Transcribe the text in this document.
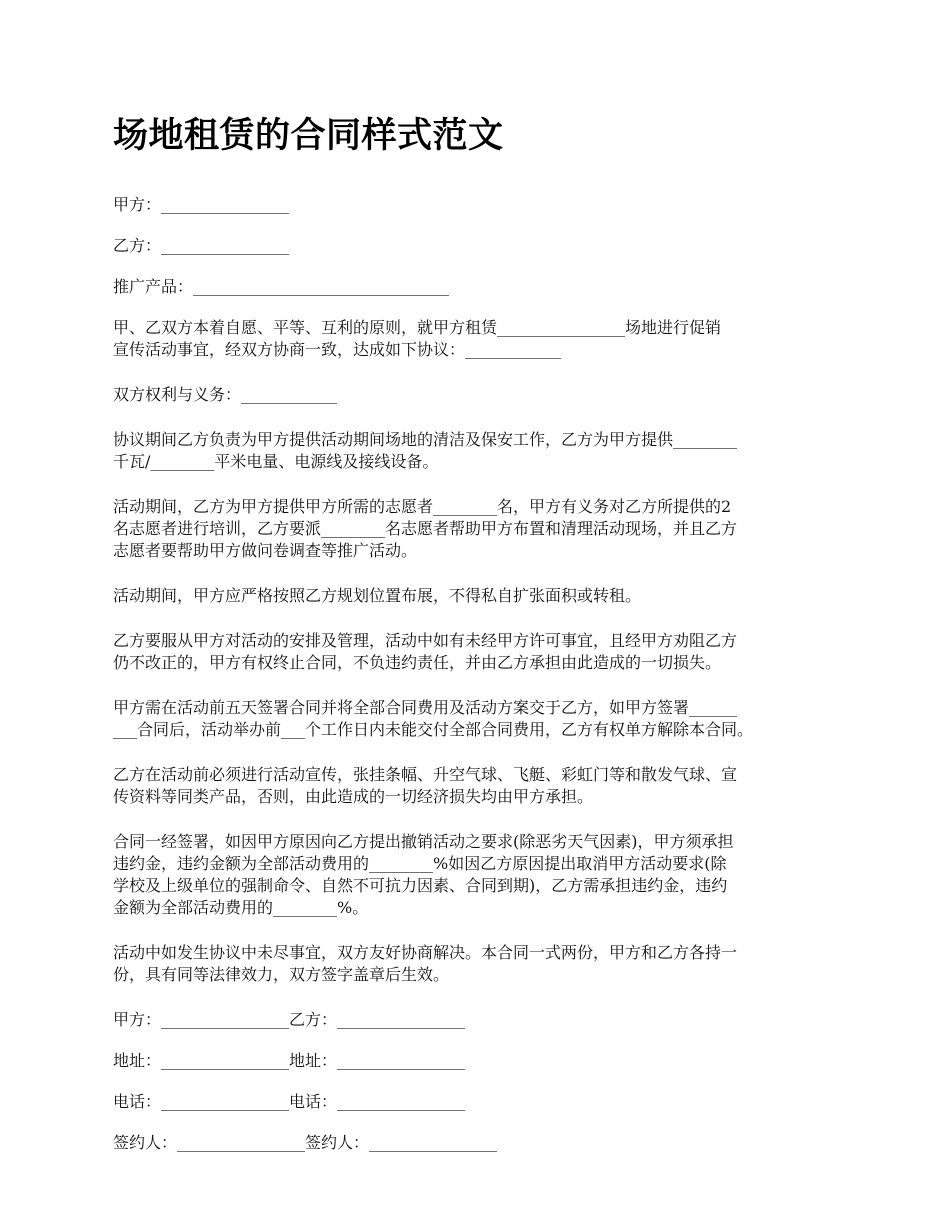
场地租赁的合同样式范文

甲方：________________

乙方：________________

推广产品：________________________________

甲、乙双方本着自愿、平等、互利的原则，就甲方租赁________________场地进行促销
宣传活动事宜，经双方协商一致，达成如下协议：____________

双方权利与义务：____________

协议期间乙方负责为甲方提供活动期间场地的清洁及保安工作，乙方为甲方提供________
千瓦/________平米电量、电源线及接线设备。

活动期间，乙方为甲方提供甲方所需的志愿者________名，甲方有义务对乙方所提供的2
名志愿者进行培训，乙方要派________名志愿者帮助甲方布置和清理活动现场，并且乙方
志愿者要帮助甲方做问卷调查等推广活动。

活动期间，甲方应严格按照乙方规划位置布展，不得私自扩张面积或转租。

乙方要服从甲方对活动的安排及管理，活动中如有未经甲方许可事宜，且经甲方劝阻乙方
仍不改正的，甲方有权终止合同，不负违约责任，并由乙方承担由此造成的一切损失。

甲方需在活动前五天签署合同并将全部合同费用及活动方案交于乙方，如甲方签署______
___合同后，活动举办前___个工作日内未能交付全部合同费用，乙方有权单方解除本合同。

乙方在活动前必须进行活动宣传，张挂条幅、升空气球、飞艇、彩虹门等和散发气球、宣
传资料等同类产品，否则，由此造成的一切经济损失均由甲方承担。

合同一经签署，如因甲方原因向乙方提出撤销活动之要求(除恶劣天气因素)，甲方须承担
违约金，违约金额为全部活动费用的________%如因乙方原因提出取消甲方活动要求(除
学校及上级单位的强制命令、自然不可抗力因素、合同到期)，乙方需承担违约金，违约
金额为全部活动费用的________%。

活动中如发生协议中未尽事宜，双方友好协商解决。本合同一式两份，甲方和乙方各持一
份，具有同等法律效力，双方签字盖章后生效。

甲方：________________乙方：________________

地址：________________地址：________________

电话：________________电话：________________

签约人：________________签约人：________________
